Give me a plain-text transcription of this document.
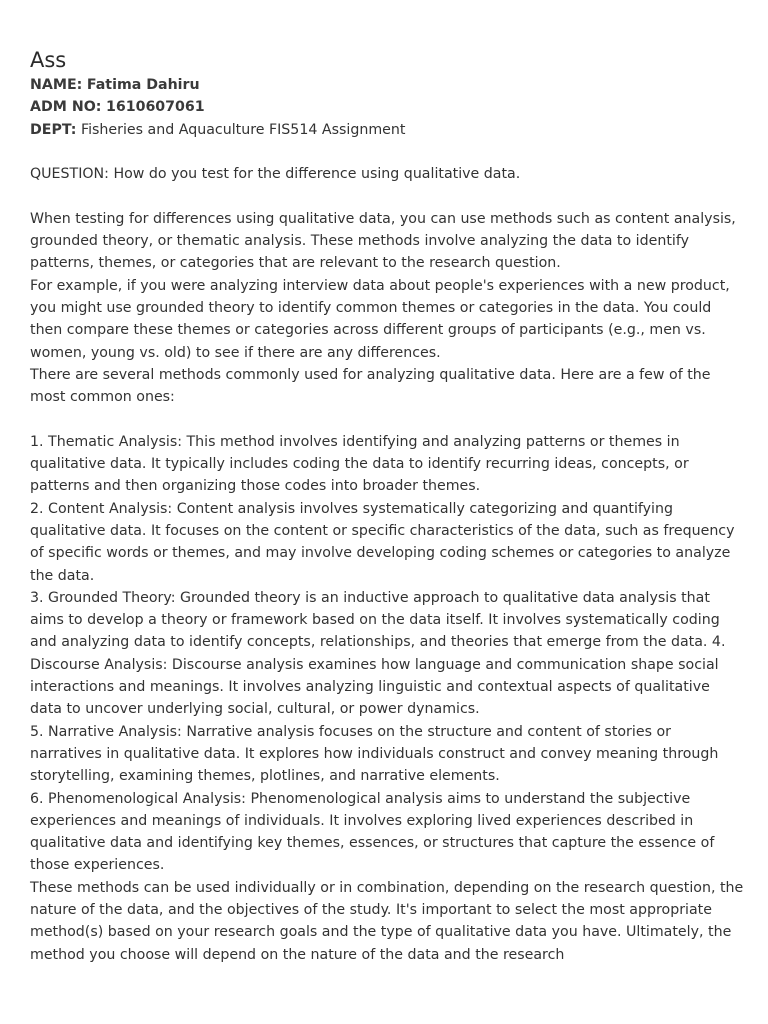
Ass

NAME: Fatima Dahiru

ADM NO: 1610607061

DEPT: Fisheries and Aquaculture FIS514 Assignment

QUESTION: How do you test for the difference using qualitative data.

When testing for differences using qualitative data, you can use methods such as content analysis, grounded theory, or thematic analysis. These methods involve analyzing the data to identify patterns, themes, or categories that are relevant to the research question.

For example, if you were analyzing interview data about people's experiences with a new product, you might use grounded theory to identify common themes or categories in the data. You could then compare these themes or categories across different groups of participants (e.g., men vs. women, young vs. old) to see if there are any differences.

There are several methods commonly used for analyzing qualitative data. Here are a few of the most common ones:

1. Thematic Analysis: This method involves identifying and analyzing patterns or themes in qualitative data. It typically includes coding the data to identify recurring ideas, concepts, or patterns and then organizing those codes into broader themes.

2. Content Analysis: Content analysis involves systematically categorizing and quantifying qualitative data. It focuses on the content or specific characteristics of the data, such as frequency of specific words or themes, and may involve developing coding schemes or categories to analyze the data.

3. Grounded Theory: Grounded theory is an inductive approach to qualitative data analysis that aims to develop a theory or framework based on the data itself. It involves systematically coding and analyzing data to identify concepts, relationships, and theories that emerge from the data. 4. Discourse Analysis: Discourse analysis examines how language and communication shape social interactions and meanings. It involves analyzing linguistic and contextual aspects of qualitative data to uncover underlying social, cultural, or power dynamics.

5. Narrative Analysis: Narrative analysis focuses on the structure and content of stories or narratives in qualitative data. It explores how individuals construct and convey meaning through storytelling, examining themes, plotlines, and narrative elements.

6. Phenomenological Analysis: Phenomenological analysis aims to understand the subjective experiences and meanings of individuals. It involves exploring lived experiences described in qualitative data and identifying key themes, essences, or structures that capture the essence of those experiences.

These methods can be used individually or in combination, depending on the research question, the nature of the data, and the objectives of the study. It's important to select the most appropriate method(s) based on your research goals and the type of qualitative data you have. Ultimately, the method you choose will depend on the nature of the data and the research
